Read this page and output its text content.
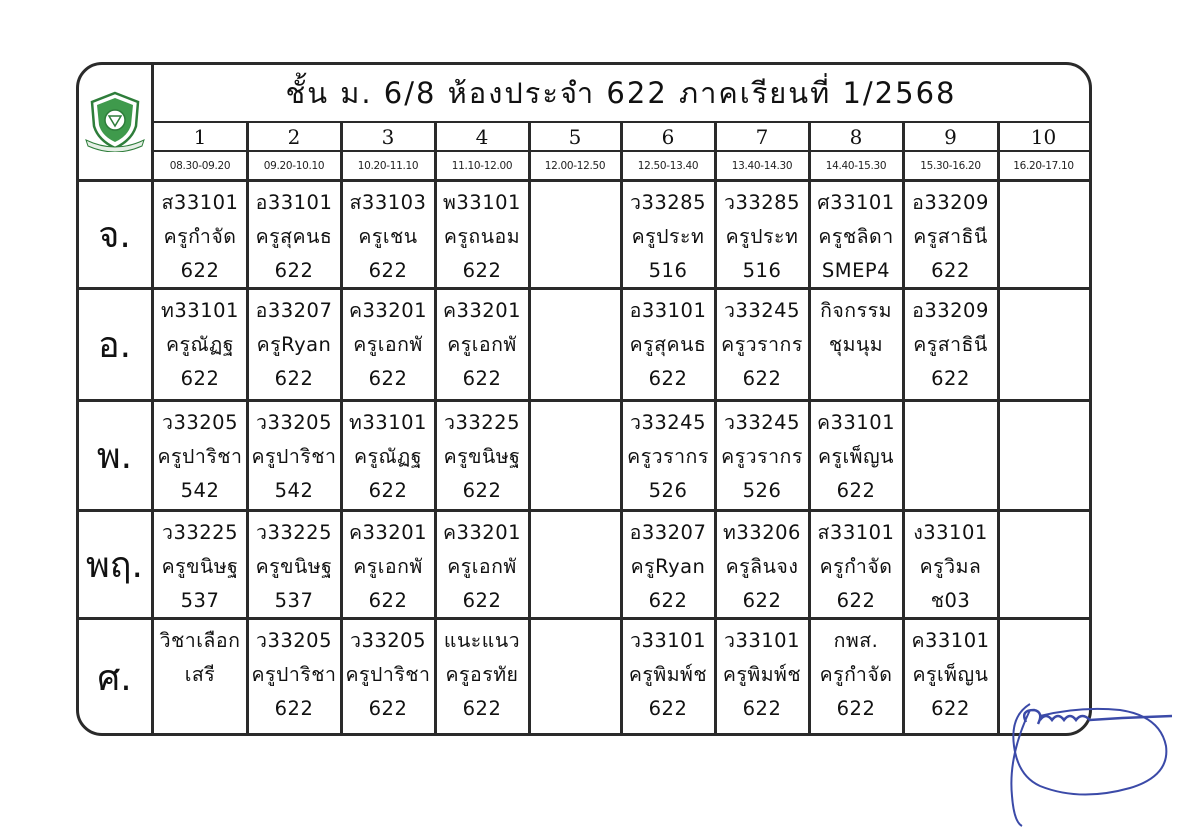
ชั้น ม. 6/8 ห้องประจำ 622 ภาคเรียนที่ 1/2568
1
08.30-09.20
2
09.20-10.10
3
10.20-11.10
4
11.10-12.00
5
12.00-12.50
6
12.50-13.40
7
13.40-14.30
8
14.40-15.30
9
15.30-16.20
10
16.20-17.10
จ.
ส33101
ครูกำจัด
622
อ33101
ครูสุคนธ
622
ส33103
ครูเชน
622
พ33101
ครูถนอม
622
ว33285
ครูประท
516
ว33285
ครูประท
516
ศ33101
ครูชลิดา
SMEP4
อ33209
ครูสาธินี
622
อ.
ท33101
ครูณัฏฐ
622
อ33207
ครูRyan
622
ค33201
ครูเอกพั
622
ค33201
ครูเอกพั
622
อ33101
ครูสุคนธ
622
ว33245
ครูวรากร
622
กิจกรรม
ชุมนุม
อ33209
ครูสาธินี
622
พ.
ว33205
ครูปาริชา
542
ว33205
ครูปาริชา
542
ท33101
ครูณัฏฐ
622
ว33225
ครูขนิษฐ
622
ว33245
ครูวรากร
526
ว33245
ครูวรากร
526
ค33101
ครูเพ็ญน
622
พฤ.
ว33225
ครูขนิษฐ
537
ว33225
ครูขนิษฐ
537
ค33201
ครูเอกพั
622
ค33201
ครูเอกพั
622
อ33207
ครูRyan
622
ท33206
ครูลินจง
622
ส33101
ครูกำจัด
622
ง33101
ครูวิมล
ช03
ศ.
วิชาเลือก
เสรี
ว33205
ครูปาริชา
622
ว33205
ครูปาริชา
622
แนะแนว
ครูอรทัย
622
ว33101
ครูพิมพ์ช
622
ว33101
ครูพิมพ์ช
622
กพส.
ครูกำจัด
622
ค33101
ครูเพ็ญน
622
